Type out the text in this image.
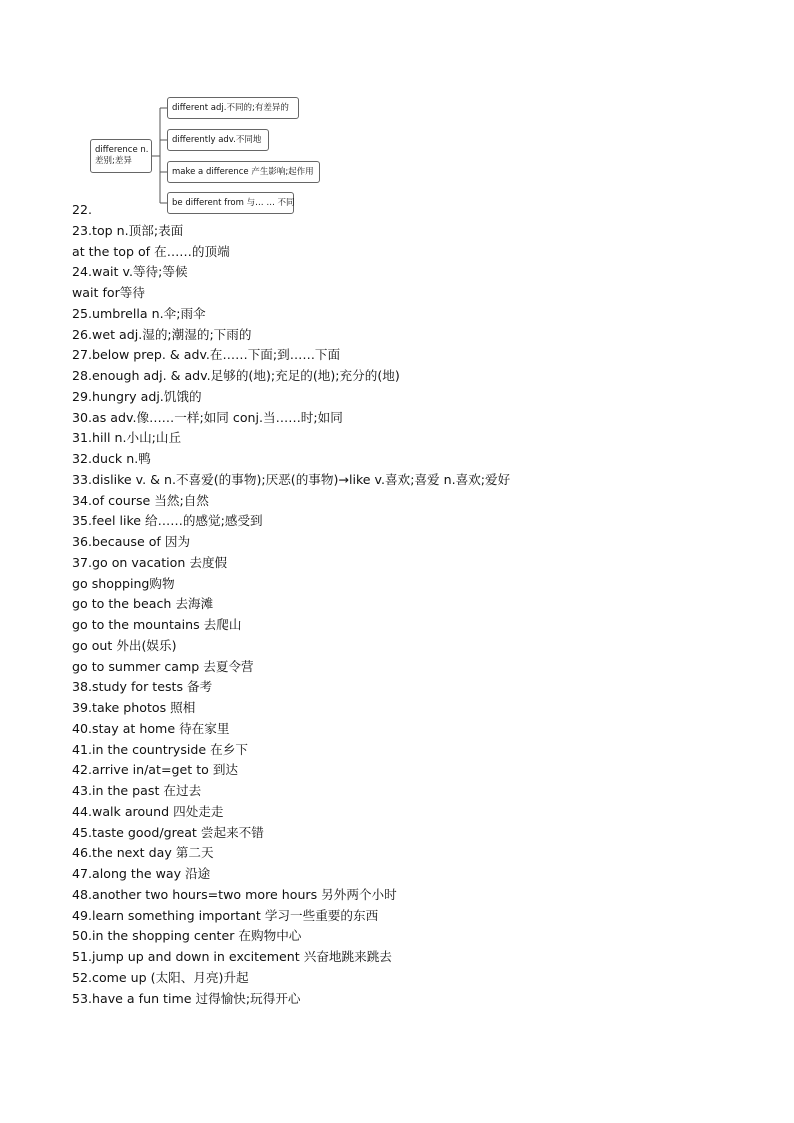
difference n.
差别;差异
different adj.不同的;有差异的
differently adv.不同地
make a difference 产生影响;起作用
be different from 与… … 不同
22.
23.top n.顶部;表面
at the top of 在……的顶端
24.wait v.等待;等候
wait for等待
25.umbrella n.伞;雨伞
26.wet adj.湿的;潮湿的;下雨的
27.below prep. & adv.在……下面;到……下面
28.enough adj. & adv.足够的(地);充足的(地);充分的(地)
29.hungry adj.饥饿的
30.as adv.像……一样;如同 conj.当……时;如同
31.hill n.小山;山丘
32.duck n.鸭
33.dislike v. & n.不喜爱(的事物);厌恶(的事物)→like v.喜欢;喜爱 n.喜欢;爱好
34.of course 当然;自然
35.feel like 给……的感觉;感受到
36.because of 因为
37.go on vacation 去度假
go shopping购物
go to the beach 去海滩
go to the mountains 去爬山
go out 外出(娱乐)
go to summer camp 去夏令营
38.study for tests 备考
39.take photos 照相
40.stay at home 待在家里
41.in the countryside 在乡下
42.arrive in/at=get to 到达
43.in the past 在过去
44.walk around 四处走走
45.taste good/great 尝起来不错
46.the next day 第二天
47.along the way 沿途
48.another two hours=two more hours 另外两个小时
49.learn something important 学习一些重要的东西
50.in the shopping center 在购物中心
51.jump up and down in excitement 兴奋地跳来跳去
52.come up (太阳、月亮)升起
53.have a fun time 过得愉快;玩得开心
